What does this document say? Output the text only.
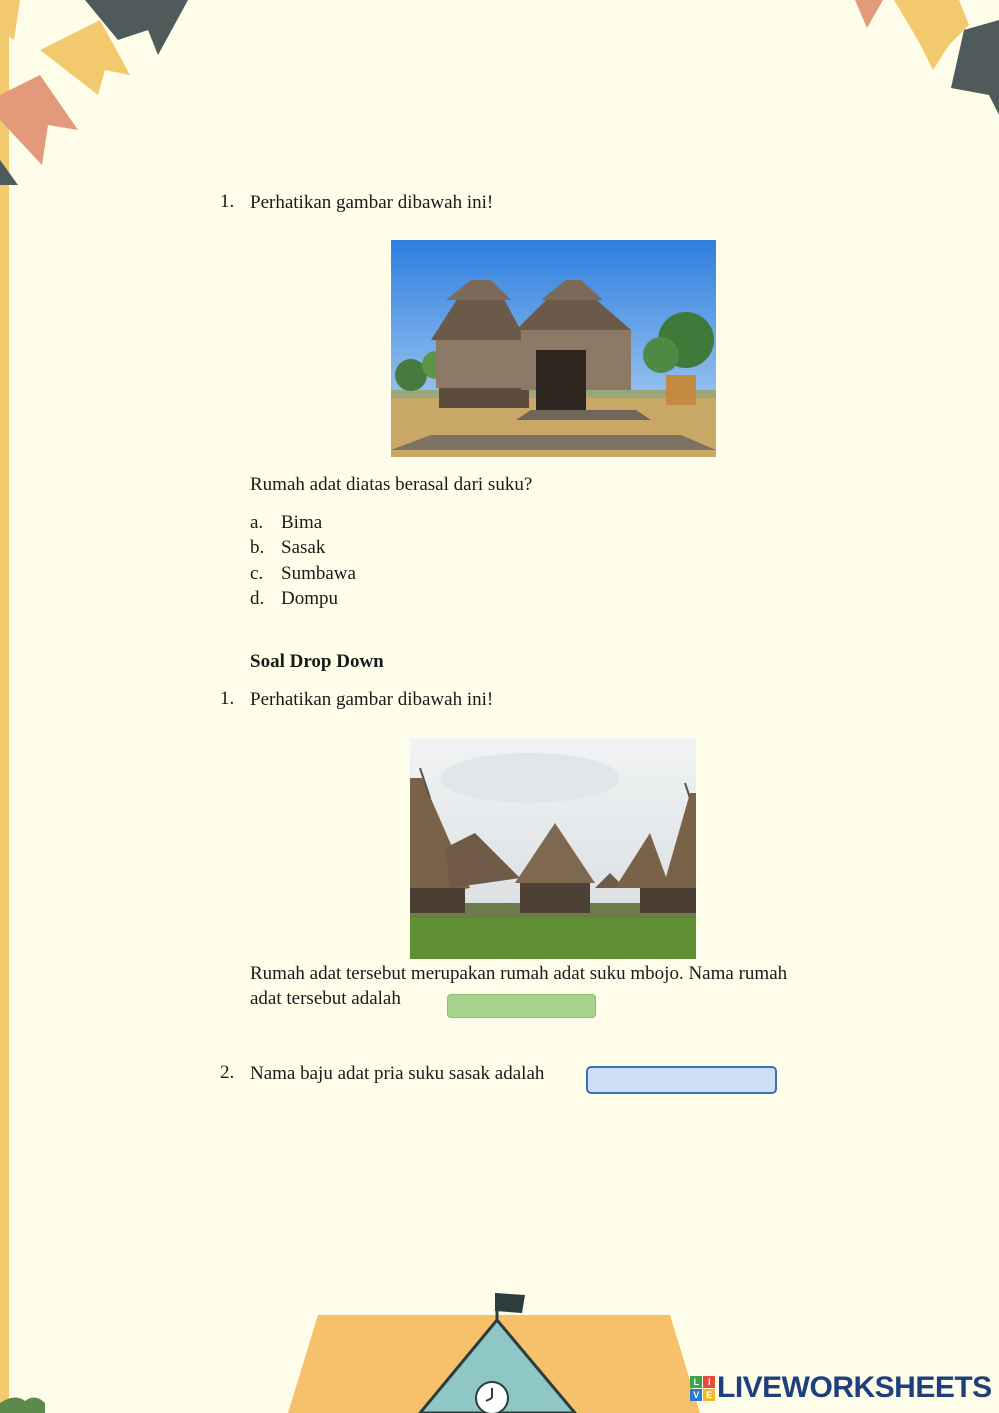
1. Perhatikan gambar dibawah ini!
Rumah adat diatas berasal dari suku?
a. Bima
b. Sasak
c. Sumbawa
d. Dompu
Soal Drop Down
1. Perhatikan gambar dibawah ini!
Rumah adat tersebut merupakan rumah adat suku mbojo. Nama rumah
adat tersebut adalah
2. Nama baju adat pria suku sasak adalah
L	I
V E LIVEWORKSHEETS
